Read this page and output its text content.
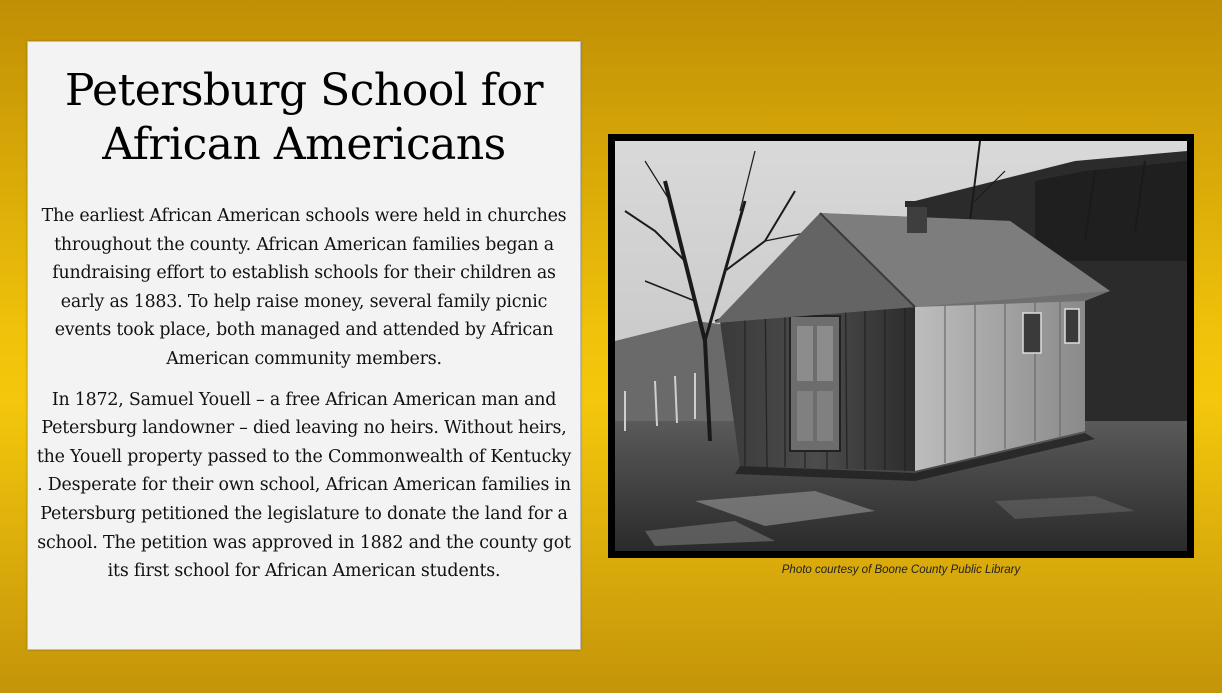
Petersburg School for
African Americans

The earliest African American schools were held in churches throughout the county. African American families began a fundraising effort to establish schools for their children as early as 1883. To help raise money, several family picnic events took place, both managed and attended by African American community members.

In 1872, Samuel Youell – a free African American man and Petersburg landowner – died leaving no heirs. Without heirs, the Youell property passed to the Commonwealth of Kentucky . Desperate for their own school, African American families in Petersburg petitioned the legislature to donate the land for a school. The petition was approved in 1882 and the county got its first school for African American students.	Photo courtesy of Boone County Public Library
